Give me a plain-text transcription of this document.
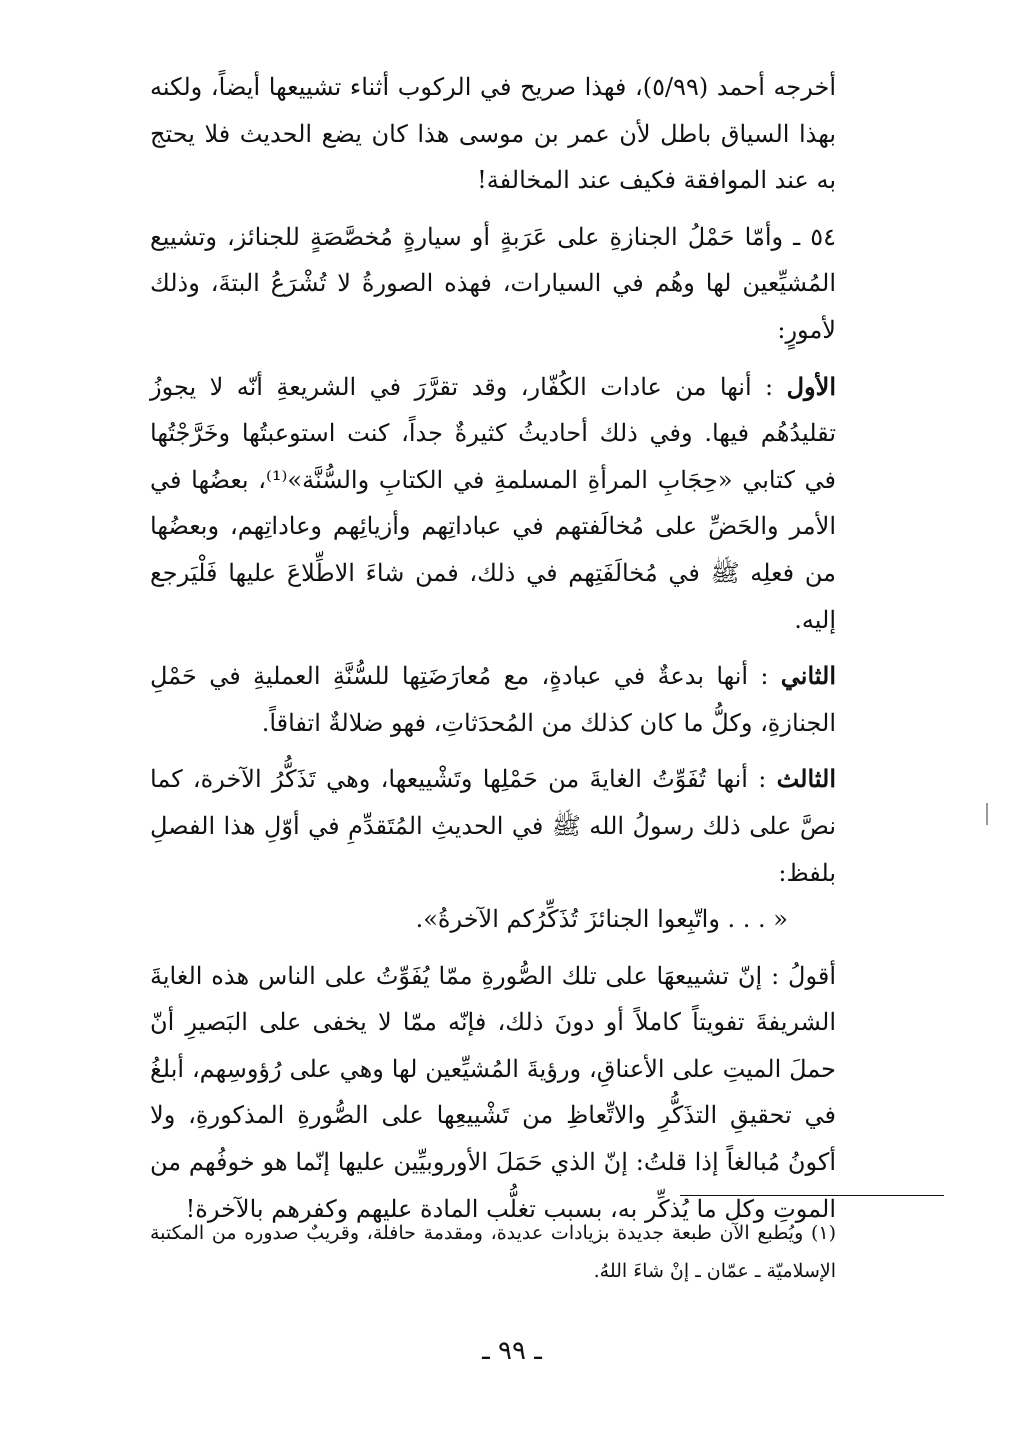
أخرجه أحمد (٥/٩٩)، فهذا صريح في الركوب أثناء تشييعها أيضاً، ولكنه بهذا السياق باطل لأن عمر بن موسى هذا كان يضع الحديث فلا يحتج به عند الموافقة فكيف عند المخالفة!

٥٤ ـ وأمّا حَمْلُ الجنازةِ على عَرَبةٍ أو سيارةٍ مُخصَّصَةٍ للجنائز، وتشييع المُشيِّعين لها وهُم في السيارات، فهذه الصورةُ لا تُشْرَعُ البتةَ، وذلك لأمورٍ:

الأول : أنها من عادات الكُفّار، وقد تقرَّرَ في الشريعةِ أنّه لا يجوزُ تقليدُهُم فيها. وفي ذلك أحاديثُ كثيرةٌ جداً، كنت استوعبتُها وخَرَّجْتُها في كتابي «حِجَابِ المرأةِ المسلمةِ في الكتابِ والسُّنَّة»⁽¹⁾، بعضُها في الأمر والحَضِّ على مُخالَفتهم في عباداتِهم وأزيائِهم وعاداتِهم، وبعضُها من فعلِه ﷺ في مُخالَفَتِهم في ذلك، فمن شاءَ الاطِّلاعَ عليها فَلْيَرجع إليه.

الثاني : أنها بدعةٌ في عبادةٍ، مع مُعارَضَتِها للسُّنَّةِ العمليةِ في حَمْلِ الجنازةِ، وكلُّ ما كان كذلك من المُحدَثاتِ، فهو ضلالةٌ اتفاقاً.

الثالث : أنها تُفَوِّتُ الغايةَ من حَمْلِها وتَشْييعها، وهي تَذَكُّرُ الآخرة، كما نصَّ على ذلك رسولُ الله ﷺ في الحديثِ المُتَقدِّمِ في أوّلِ هذا الفصلِ بلفظ:

« . . . واتّبِعوا الجنائزَ تُذَكِّرُكم الآخرةُ».

أقولُ : إنّ تشييعهَا على تلك الصُّورةِ ممّا يُفَوِّتُ على الناس هذه الغايةَ الشريفةَ تفويتاً كاملاً أو دونَ ذلك، فإنّه ممّا لا يخفى على البَصيرِ أنّ حملَ الميتِ على الأعناقِ، ورؤيةَ المُشيِّعين لها وهي على رُؤوسِهم، أبلغُ في تحقيقِ التذَكُّرِ والاتِّعاظِ من تَشْييعِها على الصُّورةِ المذكورةِ، ولا أكونُ مُبالغاً إذا قلتُ: إنّ الذي حَمَلَ الأوروبيِّين عليها إنّما هو خوفُهم من الموتِ وكل ما يُذكِّر به، بسبب تغلُّب المادة عليهم وكفرهم بالآخرة!

(١) ويُطبع الآن طبعة جديدة بزيادات عديدة، ومقدمة حافلة، وقريبٌ صدوره من المكتبة الإسلاميّة ـ عمّان ـ إنْ شاءَ اللهُ.
ـ ٩٩ ـ
